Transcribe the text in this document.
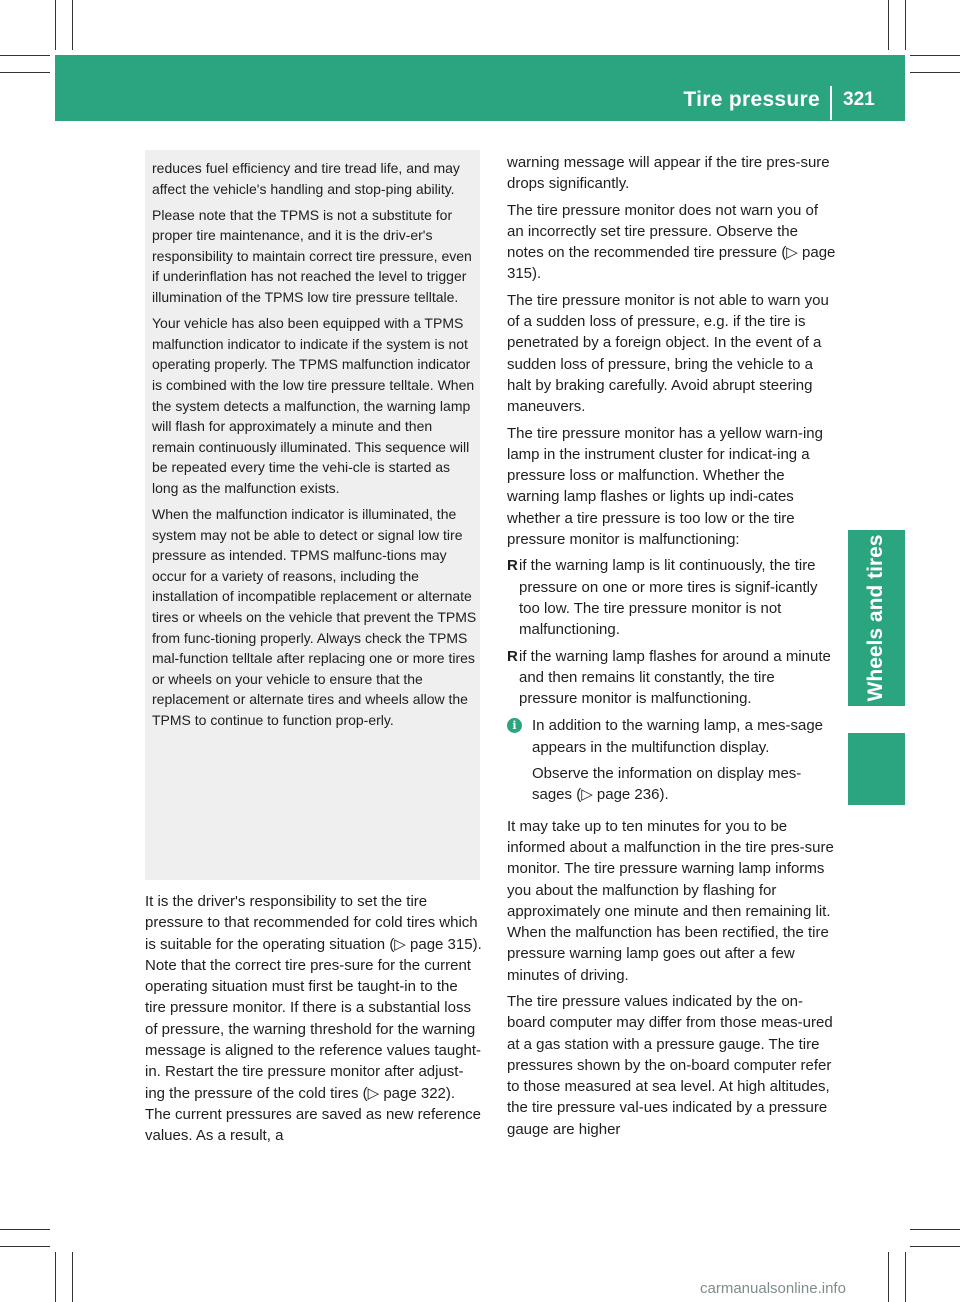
Tire pressure 321
Wheels and tires

reduces fuel efficiency and tire tread life, and may affect the vehicle's handling and stop-ping ability.

Please note that the TPMS is not a substitute for proper tire maintenance, and it is the driv-er's responsibility to maintain correct tire pressure, even if underinflation has not reached the level to trigger illumination of the TPMS low tire pressure telltale.

Your vehicle has also been equipped with a TPMS malfunction indicator to indicate if the system is not operating properly. The TPMS malfunction indicator is combined with the low tire pressure telltale. When the system detects a malfunction, the warning lamp will flash for approximately a minute and then remain continuously illuminated. This sequence will be repeated every time the vehi-cle is started as long as the malfunction exists.

When the malfunction indicator is illuminated, the system may not be able to detect or signal low tire pressure as intended. TPMS malfunc-tions may occur for a variety of reasons, including the installation of incompatible replacement or alternate tires or wheels on the vehicle that prevent the TPMS from func-tioning properly. Always check the TPMS mal-function telltale after replacing one or more tires or wheels on your vehicle to ensure that the replacement or alternate tires and wheels allow the TPMS to continue to function prop-erly.

It is the driver's responsibility to set the tire pressure to that recommended for cold tires which is suitable for the operating situation (▷ page 315). Note that the correct tire pres-sure for the current operating situation must first be taught-in to the tire pressure monitor. If there is a substantial loss of pressure, the warning threshold for the warning message is aligned to the reference values taught-in. Restart the tire pressure monitor after adjust-ing the pressure of the cold tires (▷ page 322). The current pressures are saved as new reference values. As a result, a

warning message will appear if the tire pres-sure drops significantly.

The tire pressure monitor does not warn you of an incorrectly set tire pressure. Observe the notes on the recommended tire pressure (▷ page 315).

The tire pressure monitor is not able to warn you of a sudden loss of pressure, e.g. if the tire is penetrated by a foreign object. In the event of a sudden loss of pressure, bring the vehicle to a halt by braking carefully. Avoid abrupt steering maneuvers.

The tire pressure monitor has a yellow warn-ing lamp in the instrument cluster for indicat-ing a pressure loss or malfunction. Whether the warning lamp flashes or lights up indi-cates whether a tire pressure is too low or the tire pressure monitor is malfunctioning:

R if the warning lamp is lit continuously, the tire pressure on one or more tires is signif-icantly too low. The tire pressure monitor is not malfunctioning.
R if the warning lamp flashes for around a minute and then remains lit constantly, the tire pressure monitor is malfunctioning.
i	In addition to the warning lamp, a mes-sage appears in the multifunction display.

Observe the information on display mes-sages (▷ page 236).

It may take up to ten minutes for you to be informed about a malfunction in the tire pres-sure monitor. The tire pressure warning lamp informs you about the malfunction by flashing for approximately one minute and then remaining lit. When the malfunction has been rectified, the tire pressure warning lamp goes out after a few minutes of driving.

The tire pressure values indicated by the on-board computer may differ from those meas-ured at a gas station with a pressure gauge. The tire pressures shown by the on-board computer refer to those measured at sea level. At high altitudes, the tire pressure val-ues indicated by a pressure gauge are higher

carmanualsonline.info
